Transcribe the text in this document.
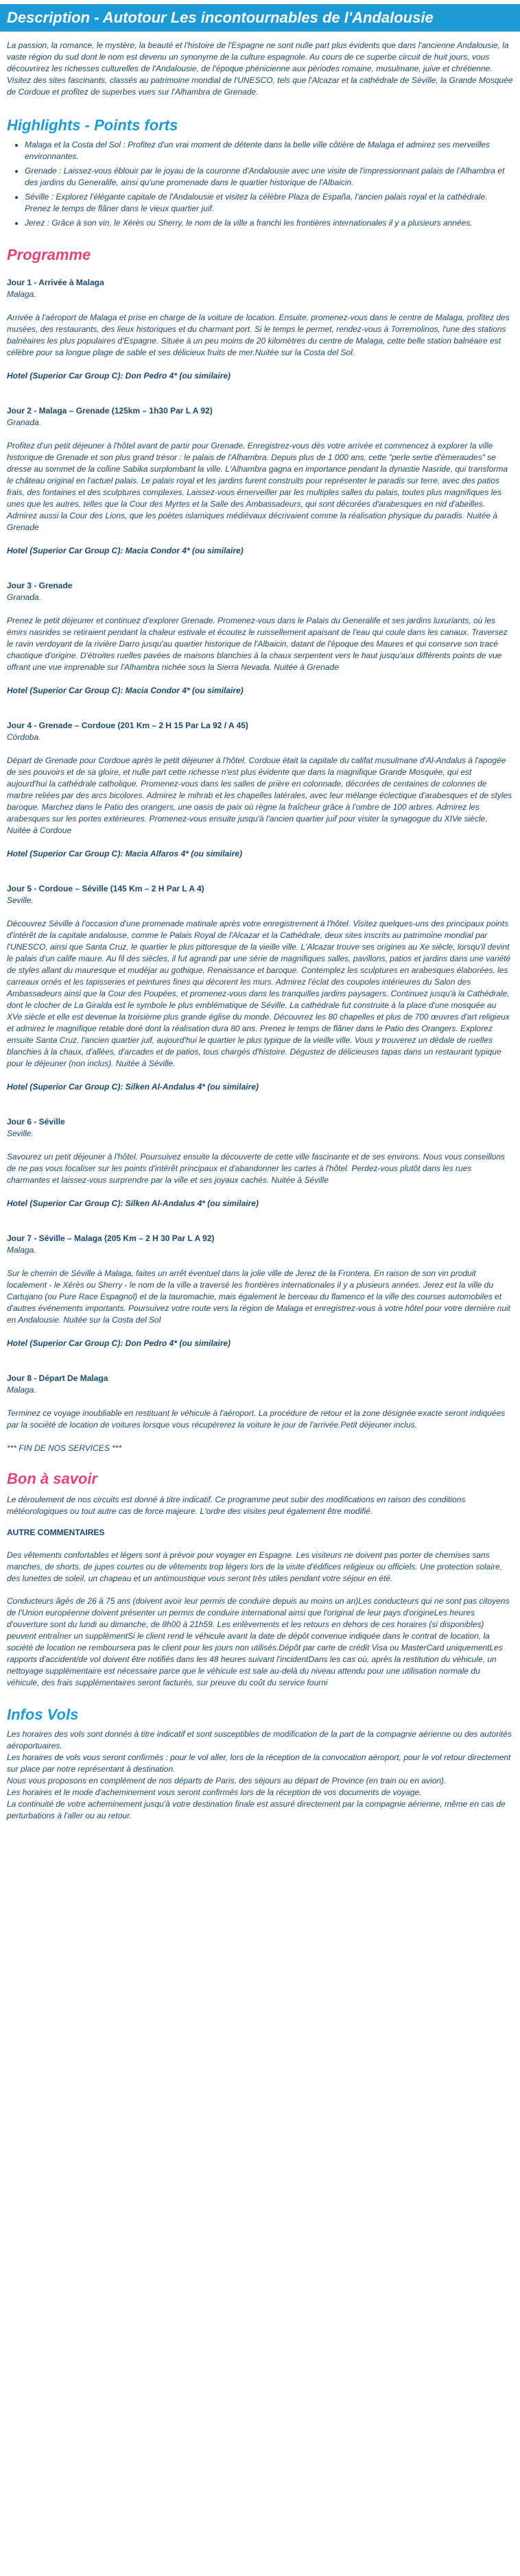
Description - Autotour Les incontournables de l'Andalousie

La passion, la romance, le mystère, la beauté et l'histoire de l'Espagne ne sont nulle part plus évidents que dans l'ancienne Andalousie, la vaste région du sud dont le nom est devenu un synonyme de la culture espagnole. Au cours de ce superbe circuit de huit jours, vous découvrirez les richesses culturelles de l'Andalousie, de l'époque phénicienne aux périodes romaine, musulmane, juive et chrétienne. Visitez des sites fascinants, classés au patrimoine mondial de l'UNESCO, tels que l'Alcazar et la cathédrale de Séville, la Grande Mosquée de Cordoue et profitez de superbes vues sur l'Alhambra de Grenade.

Highlights - Points forts
• Malaga et la Costa del Sol : Profitez d'un vrai moment de détente dans la belle ville côtière de Malaga et admirez ses merveilles environnantes.
• Grenade : Laissez-vous éblouir par le joyau de la couronne d'Andalousie avec une visite de l'impressionnant palais de l'Alhambra et des jardins du Generalife, ainsi qu'une promenade dans le quartier historique de l'Albaicin.
• Séville : Explorez l'élégante capitale de l'Andalousie et visitez la célèbre Plaza de España, l'ancien palais royal et la cathédrale. Prenez le temps de flâner dans le vieux quartier juif.
• Jerez : Grâce à son vin, le Xérès ou Sherry, le nom de la ville a franchi les frontières internationales il y a plusieurs années.
Programme

Jour 1 - Arrivée à Malaga

Malaga.

Arrivée à l'aéroport de Malaga et prise en charge de la voiture de location. Ensuite, promenez-vous dans le centre de Malaga, profitez des musées, des restaurants, des lieux historiques et du charmant port. Si le temps le permet, rendez-vous à Torremolinos, l'une des stations balnéaires les plus populaires d'Espagne. Située à un peu moins de 20 kilomètres du centre de Malaga, cette belle station balnéaire est célèbre pour sa longue plage de sable et ses délicieux fruits de mer.Nuitée sur la Costa del Sol.

Hotel (Superior Car Group C): Don Pedro 4* (ou similaire)

Jour 2 - Malaga – Grenade (125km – 1h30 Par L A 92)

Granada.

Profitez d'un petit déjeuner à l'hôtel avant de partir pour Grenade. Enregistrez-vous dès votre arrivée et commencez à explorer la ville historique de Grenade et son plus grand trésor : le palais de l'Alhambra. Depuis plus de 1 000 ans, cette "perle sertie d'émeraudes" se dresse au sommet de la colline Sabika surplombant la ville. L'Alhambra gagna en importance pendant la dynastie Nasride, qui transforma le château original en l'actuel palais. Le palais royal et les jardins furent construits pour représenter le paradis sur terre, avec des patios frais, des fontaines et des sculptures complexes. Laissez-vous émerveiller par les multiples salles du palais, toutes plus magnifiques les unes que les autres, telles que la Cour des Myrtes et la Salle des Ambassadeurs, qui sont décorées d'arabesques en nid d'abeilles. Admirez aussi la Cour des Lions, que les poètes islamiques médiévaux décrivaient comme la réalisation physique du paradis. Nuitée à Grenade

Hotel (Superior Car Group C): Macia Condor 4* (ou similaire)

Jour 3 - Grenade

Granada.

Prenez le petit déjeuner et continuez d'explorer Grenade. Promenez-vous dans le Palais du Generalife et ses jardins luxuriants, où les émirs nasrides se retiraient pendant la chaleur estivale et écoutez le ruissellement apaisant de l'eau qui coule dans les canaux. Traversez le ravin verdoyant de la rivière Darro jusqu'au quartier historique de l'Albaicin, datant de l'époque des Maures et qui conserve son tracé chaotique d'origine. D'étroites ruelles pavées de maisons blanchies à la chaux serpentent vers le haut jusqu'aux différents points de vue offrant une vue imprenable sur l'Alhambra nichée sous la Sierra Nevada. Nuitée à Grenade

Hotel (Superior Car Group C): Macia Condor 4* (ou similaire)

Jour 4 - Grenade – Cordoue (201 Km – 2 H 15 Par La 92 / A 45)

Córdoba.

Départ de Grenade pour Cordoue après le petit déjeuner à l'hôtel. Cordoue était la capitale du califat musulmane d'Al-Andalus à l'apogée de ses pouvoirs et de sa gloire, et nulle part cette richesse n'est plus évidente que dans la magnifique Grande Mosquée, qui est aujourd'hui la cathédrale catholique. Promenez-vous dans les salles de prière en colonnade, décorées de centaines de colonnes de marbre reliées par des arcs bicolores. Admirez le mihrab et les chapelles latérales, avec leur mélange éclectique d'arabesques et de styles baroque. Marchez dans le Patio des orangers, une oasis de paix où règne la fraîcheur grâce à l'ombre de 100 arbres. Admirez les arabesques sur les portes extérieures. Promenez-vous ensuite jusqu'à l'ancien quartier juif pour visiter la synagogue du XIVe siècle. Nuitée à Cordoue

Hotel (Superior Car Group C): Macia Alfaros 4* (ou similaire)

Jour 5 - Cordoue – Séville (145 Km – 2 H Par L A 4)

Seville.

Découvrez Séville à l'occasion d'une promenade matinale après votre enregistrement à l'hôtel. Visitez quelques-uns des principaux points d'intérêt de la capitale andalouse, comme le Palais Royal de l'Alcazar et la Cathédrale, deux sites inscrits au patrimoine mondial par l'UNESCO, ainsi que Santa Cruz, le quartier le plus pittoresque de la vieille ville. L'Alcazar trouve ses origines au Xe siècle, lorsqu'il devint le palais d'un calife maure. Au fil des siècles, il fut agrandi par une série de magnifiques salles, pavillons, patios et jardins dans une variété de styles allant du mauresque et mudéjar au gothique, Renaissance et baroque. Contemplez les sculptures en arabesques élaborées, les carreaux ornés et les tapisseries et peintures fines qui décorent les murs. Admirez l'éclat des coupoles intérieures du Salon des Ambassadeurs ainsi que la Cour des Poupées, et promenez-vous dans les tranquilles jardins paysagers. Continuez jusqu'à la Cathédrale, dont le clocher de La Giralda est le symbole le plus emblématique de Séville. La cathédrale fut construite à la place d'une mosquée au XVe siècle et elle est devenue la troisième plus grande église du monde. Découvrez les 80 chapelles et plus de 700 œuvres d'art religieux et admirez le magnifique retable doré dont la réalisation dura 80 ans. Prenez le temps de flâner dans le Patio des Orangers. Explorez ensuite Santa Cruz, l'ancien quartier juif, aujourd'hui le quartier le plus typique de la vieille ville. Vous y trouverez un dédale de ruelles blanchies à la chaux, d'allées, d'arcades et de patios, tous chargés d'histoire. Dégustez de délicieuses tapas dans un restaurant typique pour le déjeuner (non inclus). Nuitée à Séville.

Hotel (Superior Car Group C): Silken Al-Andalus 4* (ou similaire)

Jour 6 - Séville

Seville.

Savourez un petit déjeuner à l'hôtel. Poursuivez ensuite la découverte de cette ville fascinante et de ses environs. Nous vous conseillons de ne pas vous focaliser sur les points d'intérêt principaux et d'abandonner les cartes à l'hôtel. Perdez-vous plutôt dans les rues charmantes et laissez-vous surprendre par la ville et ses joyaux cachés. Nuitée à Séville

Hotel (Superior Car Group C): Silken Al-Andalus 4* (ou similaire)

Jour 7 - Séville – Malaga (205 Km – 2 H 30 Par L A 92)

Malaga.

Sur le chemin de Séville à Malaga, faites un arrêt éventuel dans la jolie ville de Jerez de la Frontera. En raison de son vin produit localement - le Xérès ou Sherry - le nom de la ville a traversé les frontières internationales il y a plusieurs années. Jerez est la ville du Cartujano (ou Pure Race Espagnol) et de la tauromachie, mais également le berceau du flamenco et la ville des courses automobiles et d'autres événements importants. Poursuivez votre route vers la région de Malaga et enregistrez-vous à votre hôtel pour votre dernière nuit en Andalousie. Nuitée sur la Costa del Sol

Hotel (Superior Car Group C): Don Pedro 4* (ou similaire)

Jour 8 - Départ De Malaga

Malaga.

Terminez ce voyage inoubliable en restituant le véhicule à l'aéroport. La procédure de retour et la zone désignée exacte seront indiquées par la société de location de voitures lorsque vous récupérerez la voiture le jour de l'arrivée.Petit déjeuner inclus.

*** FIN DE NOS SERVICES ***

Bon à savoir

Le déroulement de nos circuits est donné à titre indicatif. Ce programme peut subir des modifications en raison des conditions météorologiques ou tout autre cas de force majeure. L'ordre des visites peut également être modifié.

AUTRE COMMENTAIRES

Des vêtements confortables et légers sont à prévoir pour voyager en Espagne. Les visiteurs ne doivent pas porter de chemises sans manches, de shorts, de jupes courtes ou de vêtements trop légers lors de la visite d'édifices religieux ou officiels. Une protection solaire, des lunettes de soleil, un chapeau et un antimoustique vous seront très utiles pendant votre séjour en été.

Conducteurs âgés de 26 à 75 ans (doivent avoir leur permis de conduire depuis au moins un an)Les conducteurs qui ne sont pas citoyens de l'Union européenne doivent présenter un permis de conduire international ainsi que l'original de leur pays d'origineLes heures d'ouverture sont du lundi au dimanche, de 8h00 à 21h59. Les enlèvements et les retours en dehors de ces horaires (si disponibles) peuvent entraîner un supplémentSi le client rend le véhicule avant la date de dépôt convenue indiquée dans le contrat de location, la société de location ne remboursera pas le client pour les jours non utilisés.Dépôt par carte de crédit Visa ou MasterCard uniquementLes rapports d'accident/de vol doivent être notifiés dans les 48 heures suivant l'incidentDans les cas où, après la restitution du véhicule, un nettoyage supplémentaire est nécessaire parce que le véhicule est sale au-delà du niveau attendu pour une utilisation normale du véhicule, des frais supplémentaires seront facturés, sur preuve du coût du service fourni

Infos Vols

Les horaires des vols sont donnés à titre indicatif et sont susceptibles de modification de la part de la compagnie aérienne ou des autorités aéroportuaires.
Les horaires de vols vous seront confirmés : pour le vol aller, lors de la réception de la convocation aéroport, pour le vol retour directement sur place par notre représentant à destination.
Nous vous proposons en complément de nos départs de Paris, des séjours au départ de Province (en train ou en avion).
Les horaires et le mode d'acheminement vous seront confirmés lors de la réception de vos documents de voyage.
La continuité de votre acheminement jusqu'à votre destination finale est assuré directement par la compagnie aérienne, même en cas de perturbations à l'aller ou au retour.
